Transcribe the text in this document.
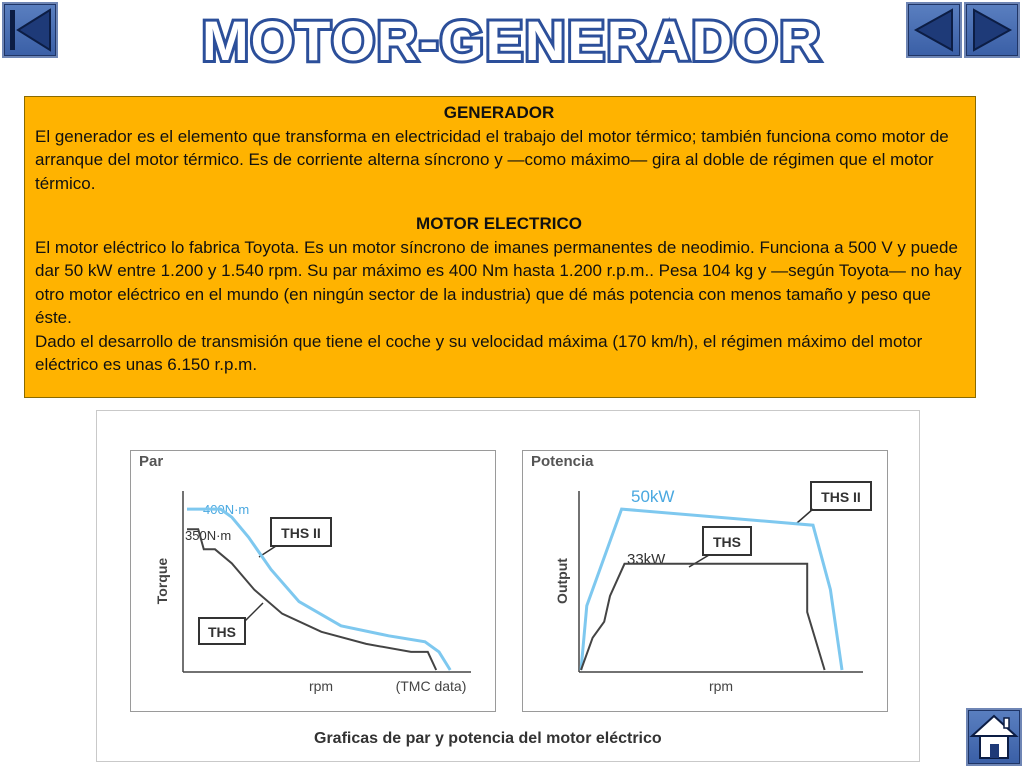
MOTOR-GENERADOR
GENERADOR

El generador es el elemento que transforma en electricidad el trabajo del motor térmico; también funciona como motor de arranque del motor térmico. Es de corriente alterna síncrono y —como máximo— gira al doble de régimen que el motor térmico.

MOTOR ELECTRICO

El motor eléctrico lo fabrica Toyota. Es un motor síncrono de imanes permanentes de neodimio. Funciona a 500 V y puede dar 50 kW entre 1.200 y 1.540 rpm. Su par máximo es 400 Nm hasta 1.200 r.p.m.. Pesa 104 kg y —según Toyota— no hay otro motor eléctrico en el mundo (en ningún sector de la industria) que dé más potencia con menos tamaño y peso que éste.

Dado el desarrollo de transmisión que tiene el coche y su velocidad máxima (170 km/h), el régimen máximo del motor eléctrico es unas 6.150 r.p.m.

Par
Torque
rpm	(TMC data)
400N·m
350N·m	THS II
THS
Potencia
Output
rpm
50kW
33kW
THS II
THS
Graficas de par y potencia del motor eléctrico
